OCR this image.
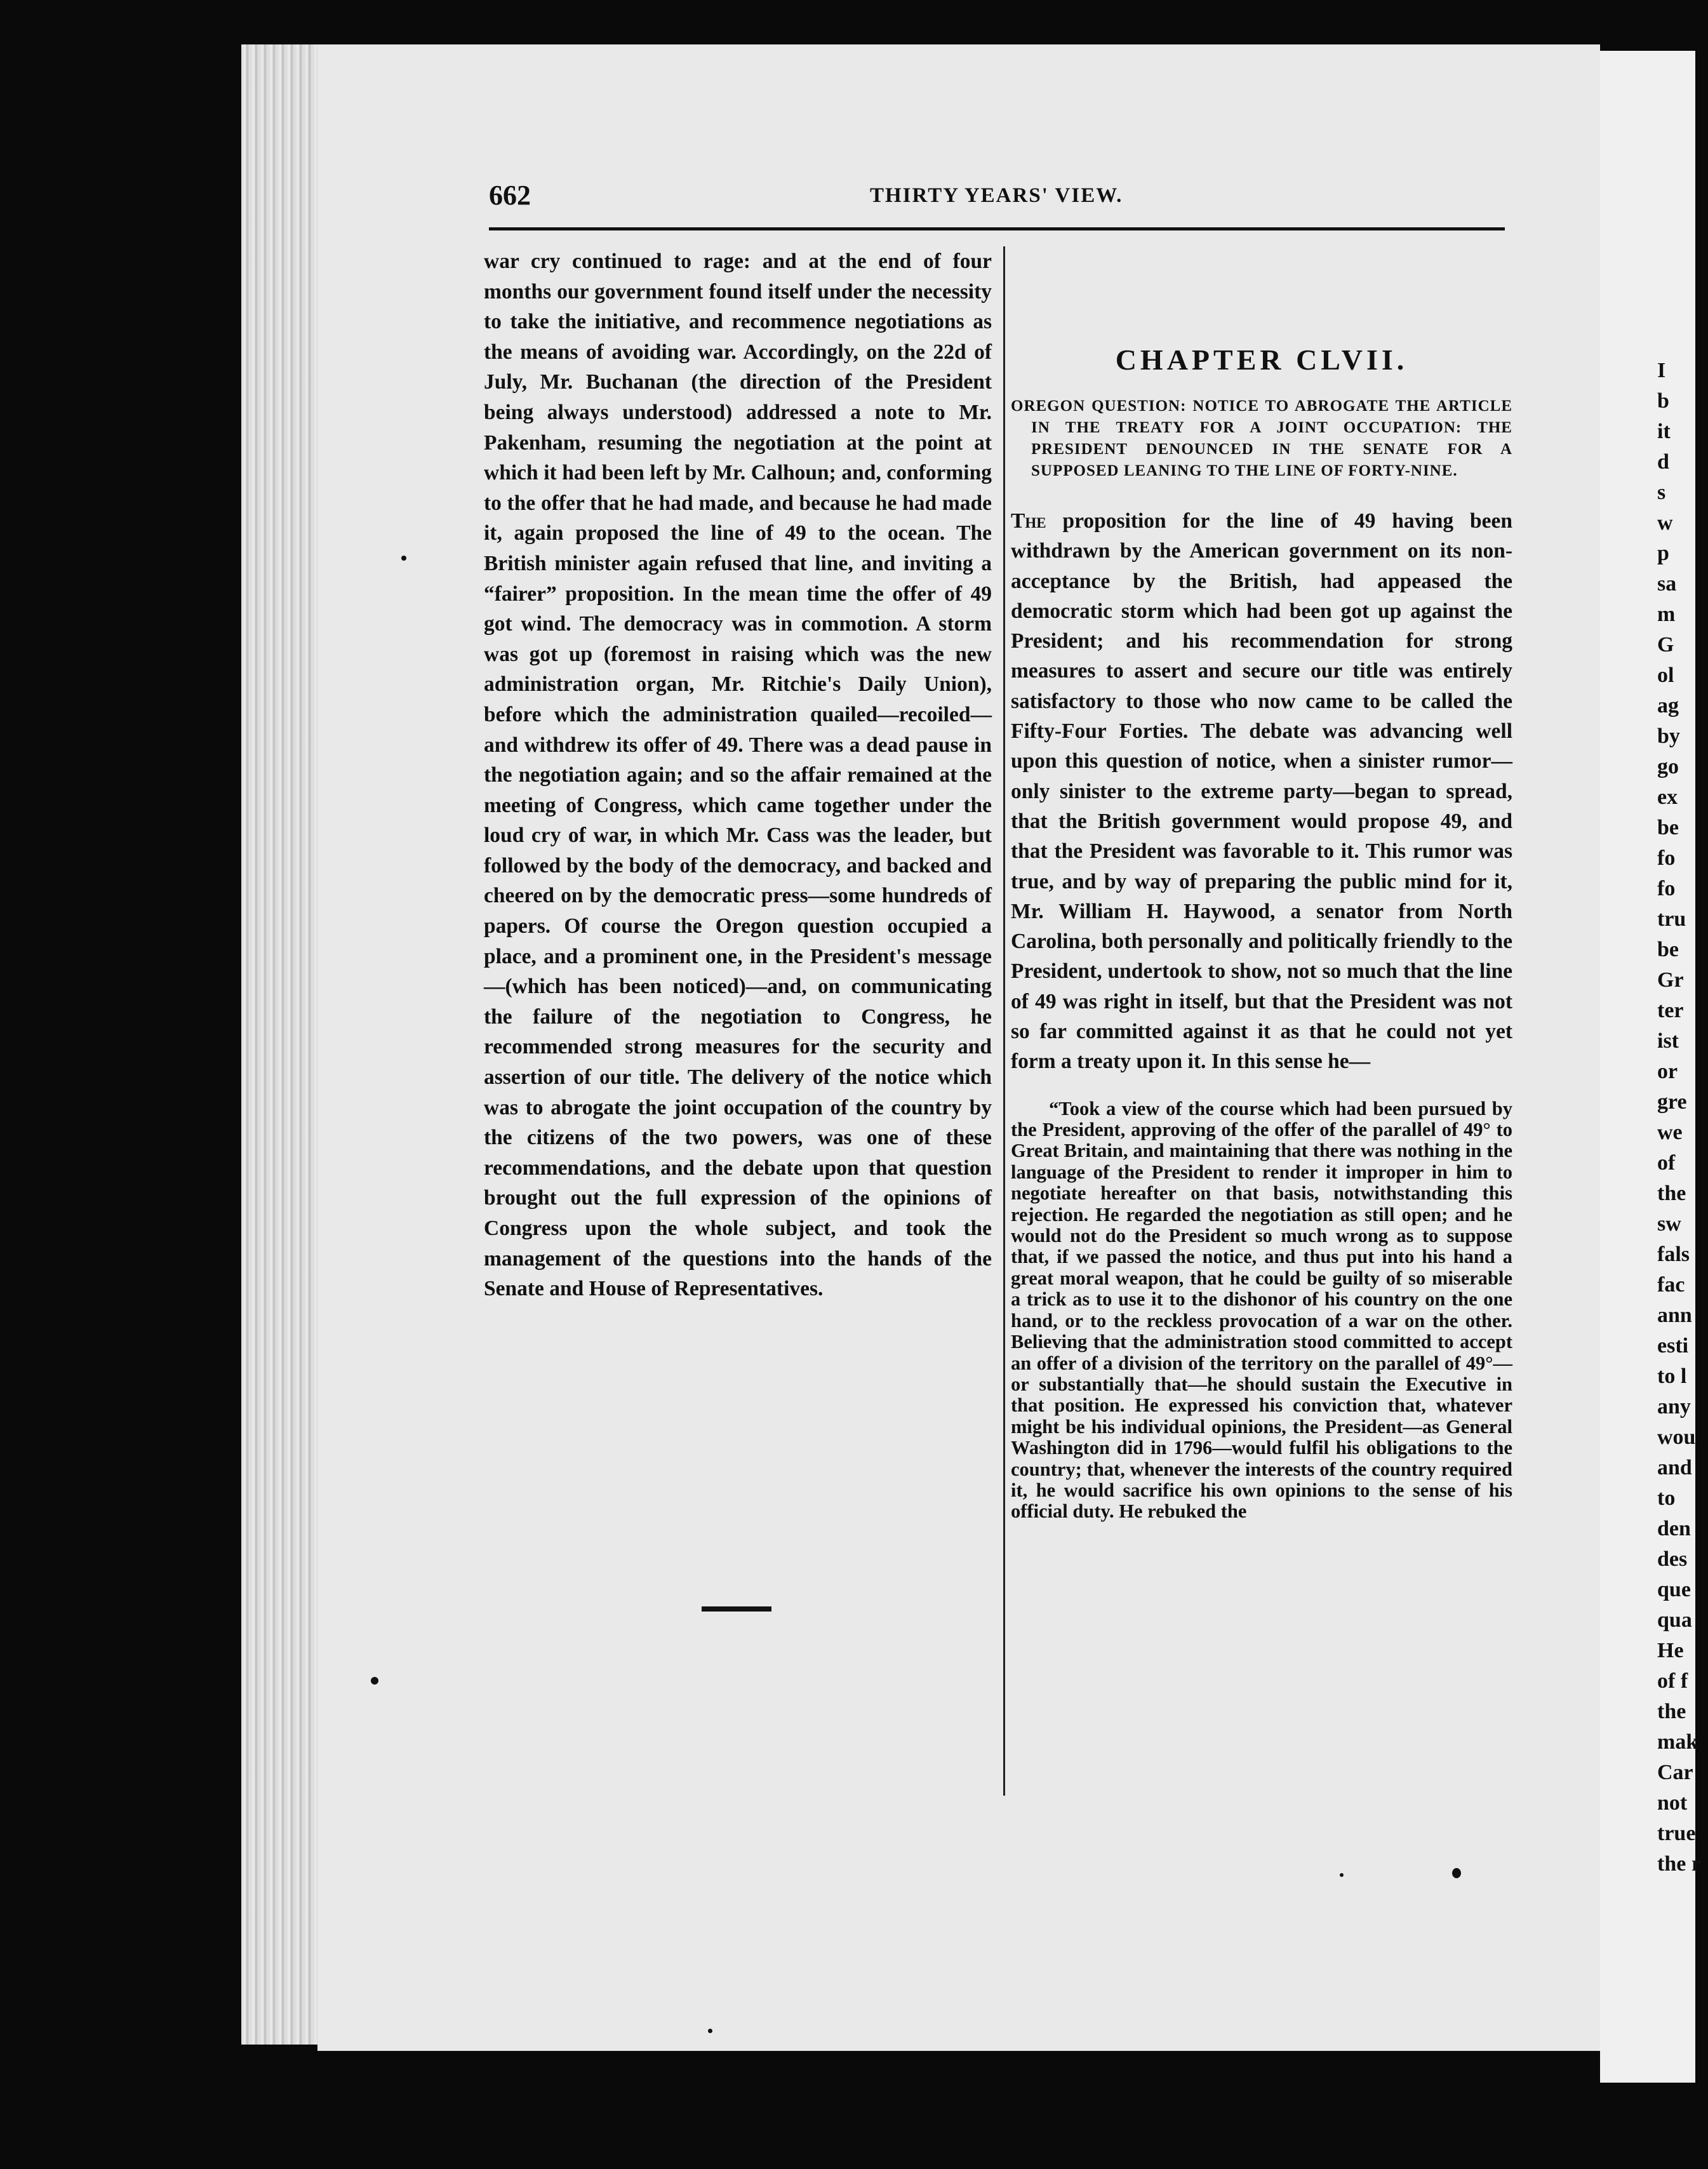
I
b
it
d
s
w
p
sa
m
G
ol
ag
by
go
ex
be
fo
fo
tru
be
Gr
ter
ist
or
gre
we
of
the
sw
fals
fac
ann
esti
to l
any
wou
and
to
den
des
que
qua
He
of f
the
mak
Car
not
true
the r
662	THIRTY YEARS' VIEW.

war cry continued to rage: and at the end of four months our government found itself under the necessity to take the initiative, and recommence negotiations as the means of avoiding war. Accordingly, on the 22d of July, Mr. Buchanan (the direction of the President being always understood) addressed a note to Mr. Pakenham, resuming the negotiation at the point at which it had been left by Mr. Calhoun; and, conforming to the offer that he had made, and because he had made it, again proposed the line of 49 to the ocean. The British minister again refused that line, and inviting a “fairer” proposition. In the mean time the offer of 49 got wind. The democracy was in commotion. A storm was got up (foremost in raising which was the new administration organ, Mr. Ritchie's Daily Union), before which the administration quailed—recoiled—and withdrew its offer of 49. There was a dead pause in the negotiation again; and so the affair remained at the meeting of Congress, which came together under the loud cry of war, in which Mr. Cass was the leader, but followed by the body of the democracy, and backed and cheered on by the democratic press—some hundreds of papers. Of course the Oregon question occupied a place, and a prominent one, in the President's message—(which has been noticed)—and, on communicating the failure of the negotiation to Congress, he recommended strong measures for the security and assertion of our title. The delivery of the notice which was to abrogate the joint occupation of the country by the citizens of the two powers, was one of these recommendations, and the debate upon that question brought out the full expression of the opinions of Congress upon the whole subject, and took the management of the questions into the hands of the Senate and House of Representatives.

CHAPTER CLVII.
OREGON QUESTION: NOTICE TO ABROGATE THE ARTICLE IN THE TREATY FOR A JOINT OCCUPATION: THE PRESIDENT DENOUNCED IN THE SENATE FOR A SUPPOSED LEANING TO THE LINE OF FORTY-NINE.

The proposition for the line of 49 having been withdrawn by the American government on its non-acceptance by the British, had appeased the democratic storm which had been got up against the President; and his recommendation for strong measures to assert and secure our title was entirely satisfactory to those who now came to be called the Fifty-Four Forties. The debate was advancing well upon this question of notice, when a sinister rumor—only sinister to the extreme party—began to spread, that the British government would propose 49, and that the President was favorable to it. This rumor was true, and by way of preparing the public mind for it, Mr. William H. Haywood, a senator from North Carolina, both personally and politically friendly to the President, undertook to show, not so much that the line of 49 was right in itself, but that the President was not so far committed against it as that he could not yet form a treaty upon it. In this sense he—

“Took a view of the course which had been pursued by the President, approving of the offer of the parallel of 49° to Great Britain, and maintaining that there was nothing in the language of the President to render it improper in him to negotiate hereafter on that basis, notwithstanding this rejection. He regarded the negotiation as still open; and he would not do the President so much wrong as to suppose that, if we passed the notice, and thus put into his hand a great moral weapon, that he could be guilty of so miserable a trick as to use it to the dishonor of his country on the one hand, or to the reckless provocation of a war on the other. Believing that the administration stood committed to accept an offer of a division of the territory on the parallel of 49°—or substantially that—he should sustain the Executive in that position. He expressed his conviction that, whatever might be his individual opinions, the President—as General Washington did in 1796—would fulfil his obligations to the country; that, whenever the interests of the country required it, he would sacrifice his own opinions to the sense of his official duty. He rebuked the
